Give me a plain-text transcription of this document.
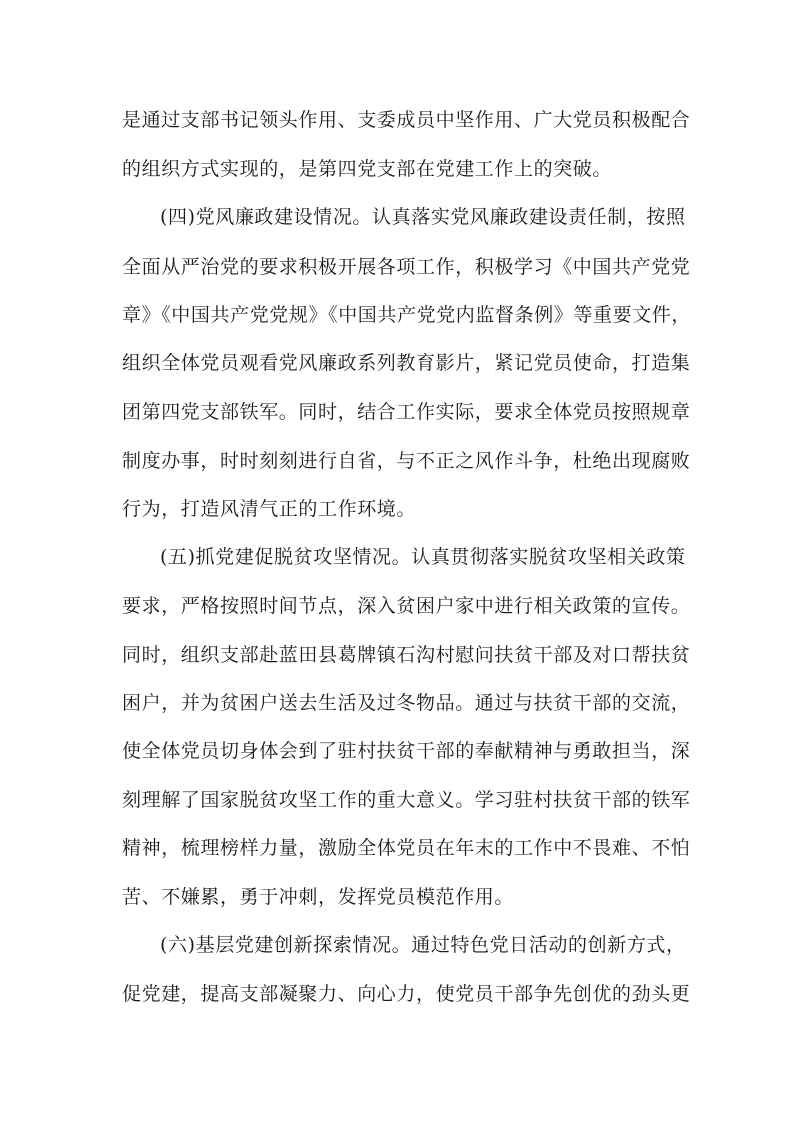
是通过支部书记领头作用、支委成员中坚作用、广大党员积极配合
的组织方式实现的，是第四党支部在党建工作上的突破。
(四)党风廉政建设情况。认真落实党风廉政建设责任制，按照
全面从严治党的要求积极开展各项工作，积极学习《中国共产党党
章》《中国共产党党规》《中国共产党党内监督条例》等重要文件，
组织全体党员观看党风廉政系列教育影片，紧记党员使命，打造集
团第四党支部铁军。同时，结合工作实际，要求全体党员按照规章
制度办事，时时刻刻进行自省，与不正之风作斗争，杜绝出现腐败
行为，打造风清气正的工作环境。
(五)抓党建促脱贫攻坚情况。认真贯彻落实脱贫攻坚相关政策
要求，严格按照时间节点，深入贫困户家中进行相关政策的宣传。
同时，组织支部赴蓝田县葛牌镇石沟村慰问扶贫干部及对口帮扶贫
困户，并为贫困户送去生活及过冬物品。通过与扶贫干部的交流，
使全体党员切身体会到了驻村扶贫干部的奉献精神与勇敢担当，深
刻理解了国家脱贫攻坚工作的重大意义。学习驻村扶贫干部的铁军
精神，梳理榜样力量，激励全体党员在年末的工作中不畏难、不怕
苦、不嫌累，勇于冲刺，发挥党员模范作用。
(六)基层党建创新探索情况。通过特色党日活动的创新方式，
促党建，提高支部凝聚力、向心力，使党员干部争先创优的劲头更
